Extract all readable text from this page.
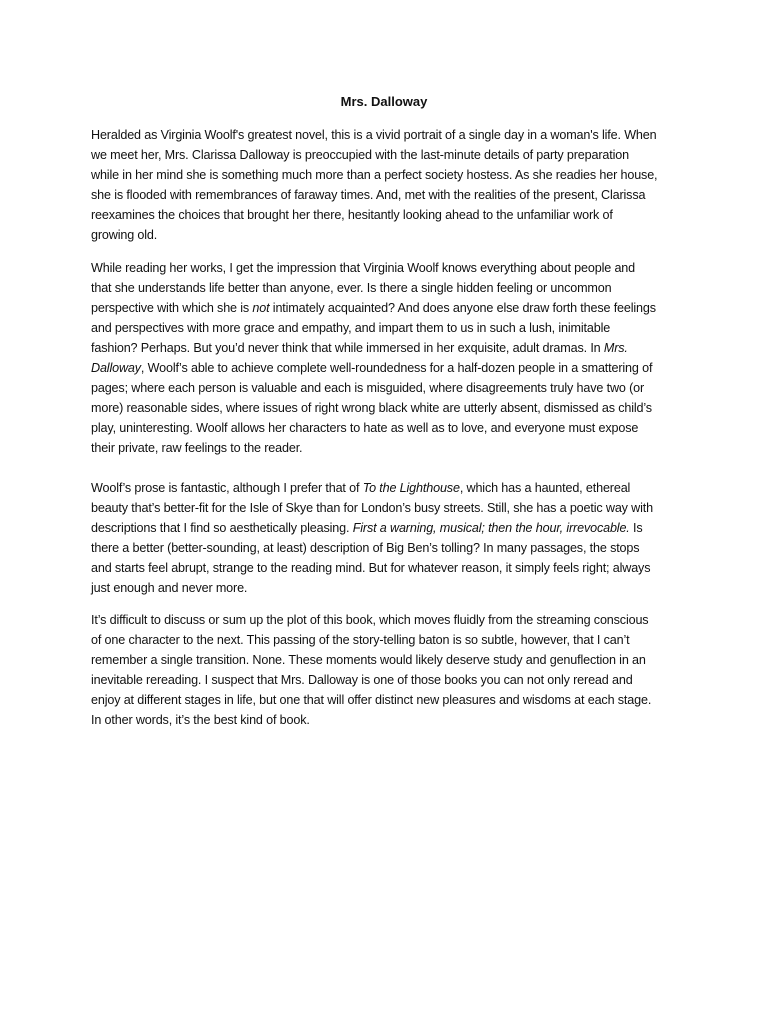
Mrs. Dalloway

Heralded as Virginia Woolf's greatest novel, this is a vivid portrait of a single day in a woman's life. When
we meet her, Mrs. Clarissa Dalloway is preoccupied with the last-minute details of party preparation
while in her mind she is something much more than a perfect society hostess. As she readies her house,
she is flooded with remembrances of faraway times. And, met with the realities of the present, Clarissa
reexamines the choices that brought her there, hesitantly looking ahead to the unfamiliar work of
growing old.

While reading her works, I get the impression that Virginia Woolf knows everything about people and
that she understands life better than anyone, ever. Is there a single hidden feeling or uncommon
perspective with which she is not intimately acquainted? And does anyone else draw forth these feelings
and perspectives with more grace and empathy, and impart them to us in such a lush, inimitable
fashion? Perhaps. But you’d never think that while immersed in her exquisite, adult dramas. In Mrs.
Dalloway, Woolf’s able to achieve complete well-roundedness for a half-dozen people in a smattering of
pages; where each person is valuable and each is misguided, where disagreements truly have two (or
more) reasonable sides, where issues of right wrong black white are utterly absent, dismissed as child’s
play, uninteresting. Woolf allows her characters to hate as well as to love, and everyone must expose
their private, raw feelings to the reader.

Woolf’s prose is fantastic, although I prefer that of To the Lighthouse, which has a haunted, ethereal
beauty that’s better-fit for the Isle of Skye than for London’s busy streets. Still, she has a poetic way with
descriptions that I find so aesthetically pleasing. First a warning, musical; then the hour, irrevocable. Is
there a better (better-sounding, at least) description of Big Ben’s tolling? In many passages, the stops
and starts feel abrupt, strange to the reading mind. But for whatever reason, it simply feels right; always
just enough and never more.

It’s difficult to discuss or sum up the plot of this book, which moves fluidly from the streaming conscious
of one character to the next. This passing of the story-telling baton is so subtle, however, that I can’t
remember a single transition. None. These moments would likely deserve study and genuflection in an
inevitable rereading. I suspect that Mrs. Dalloway is one of those books you can not only reread and
enjoy at different stages in life, but one that will offer distinct new pleasures and wisdoms at each stage.
In other words, it’s the best kind of book.
